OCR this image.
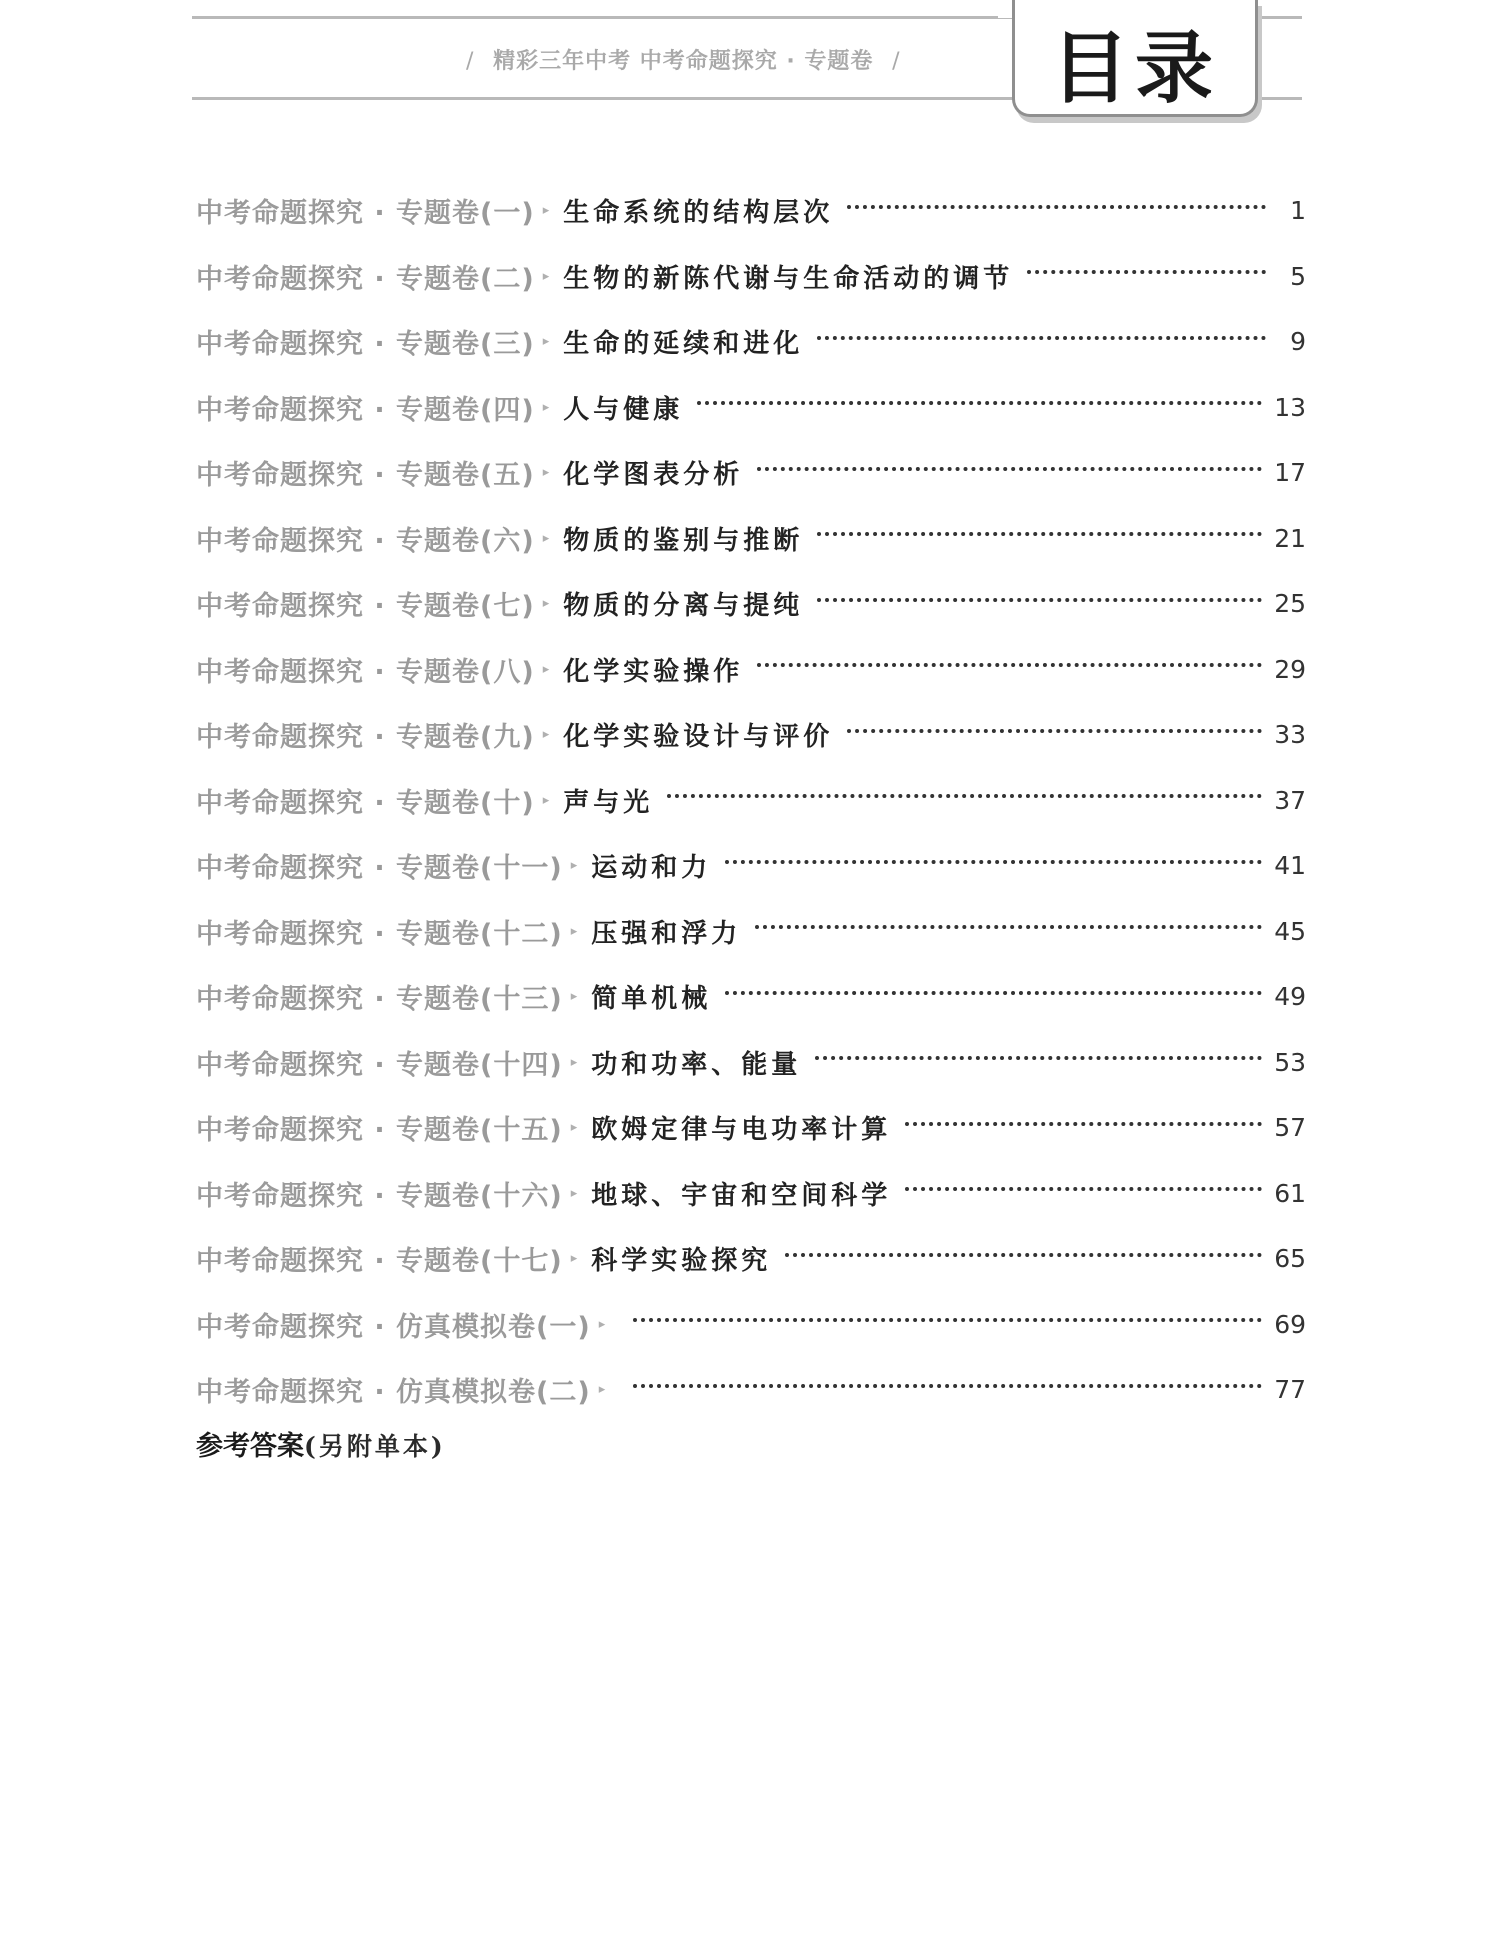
/ 精彩三年中考 中考命题探究 · 专题卷 /	目录
中考命题探究 · 专题卷(一) ▸ 生命系统的结构层次	1
中考命题探究 · 专题卷(二) ▸ 生物的新陈代谢与生命活动的调节	5
中考命题探究 · 专题卷(三) ▸ 生命的延续和进化	9
中考命题探究 · 专题卷(四) ▸ 人与健康	13
中考命题探究 · 专题卷(五) ▸ 化学图表分析	17
中考命题探究 · 专题卷(六) ▸ 物质的鉴别与推断	21
中考命题探究 · 专题卷(七) ▸ 物质的分离与提纯	25
中考命题探究 · 专题卷(八) ▸ 化学实验操作	29
中考命题探究 · 专题卷(九) ▸ 化学实验设计与评价	33
中考命题探究 · 专题卷(十) ▸ 声与光	37
中考命题探究 · 专题卷(十一) ▸ 运动和力	41
中考命题探究 · 专题卷(十二) ▸ 压强和浮力	45
中考命题探究 · 专题卷(十三) ▸ 简单机械	49
中考命题探究 · 专题卷(十四) ▸ 功和功率、能量	53
中考命题探究 · 专题卷(十五) ▸ 欧姆定律与电功率计算	57
中考命题探究 · 专题卷(十六) ▸ 地球、宇宙和空间科学	61
中考命题探究 · 专题卷(十七) ▸ 科学实验探究	65
中考命题探究 · 仿真模拟卷(一) ▸	69
中考命题探究 · 仿真模拟卷(二) ▸	77
参考答案(另附单本)
